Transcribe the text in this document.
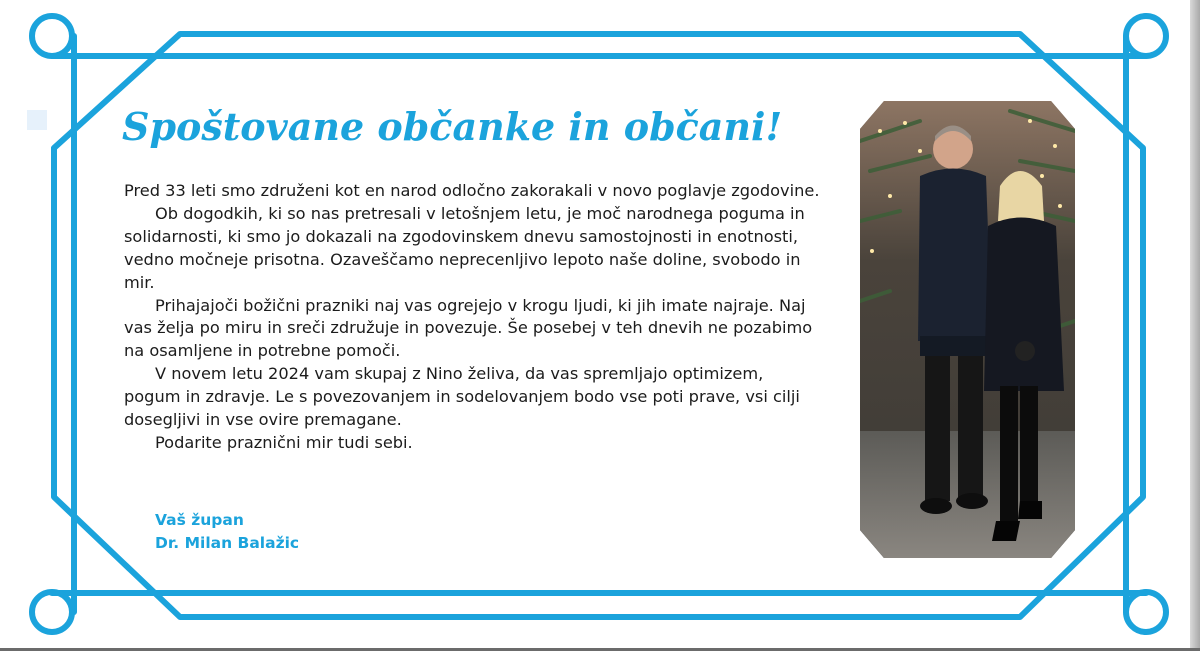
Spoštovane občanke in občani!

Pred 33 leti smo združeni kot en narod odločno zakorakali v novo poglavje zgodovine.

Ob dogodkih, ki so nas pretresali v letošnjem letu, je moč narodnega poguma in solidarnosti, ki smo jo dokazali na zgodovinskem dnevu samostojnosti in enotnosti, vedno močneje prisotna. Ozaveščamo neprecenljivo lepoto naše doline, svobodo in mir.

Prihajajoči božični prazniki naj vas ogrejejo v krogu ljudi, ki jih imate najraje. Naj vas želja po miru in sreči združuje in povezuje. Še posebej v teh dnevih ne pozabimo na osamljene in potrebne pomoči.

V novem letu 2024 vam skupaj z Nino želiva, da vas spremljajo optimizem, pogum in zdravje. Le s povezovanjem in sodelovanjem bodo vse poti prave, vsi cilji dosegljivi in vse ovire premagane.

Podarite praznični mir tudi sebi.

Vaš župan
Dr. Milan Balažic
